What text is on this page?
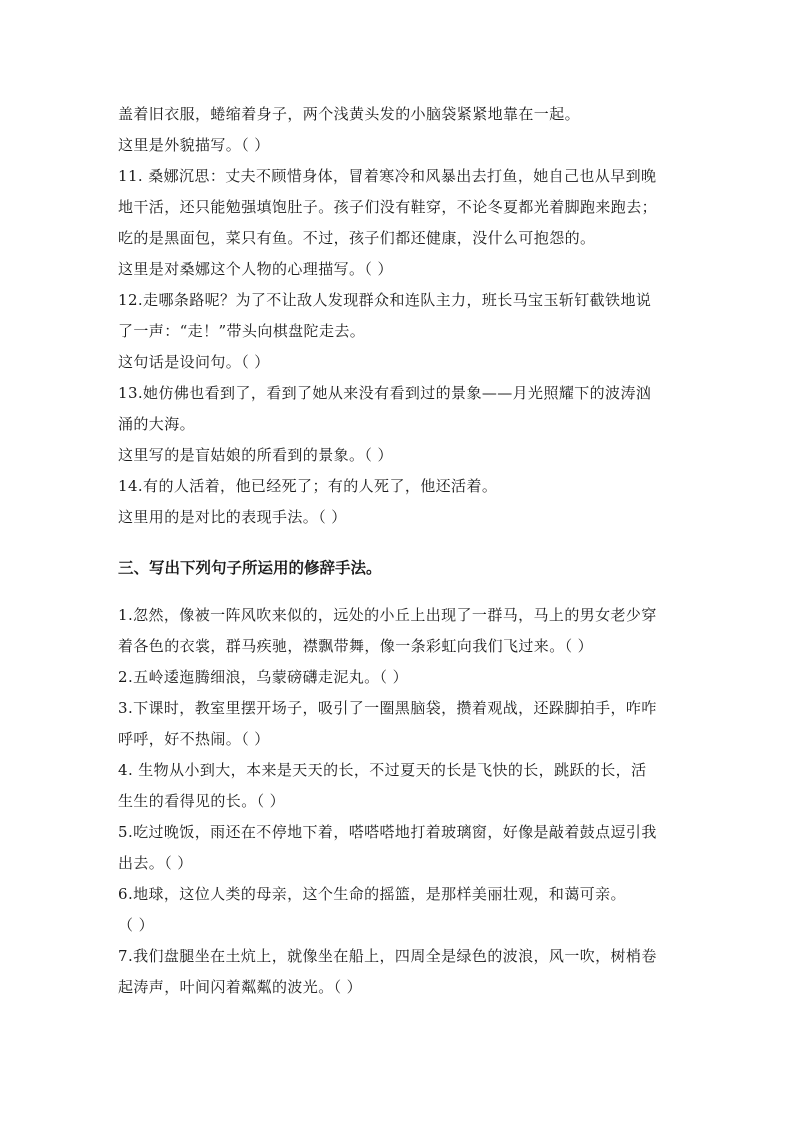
盖着旧衣服，蜷缩着身子，两个浅黄头发的小脑袋紧紧地靠在一起。
这里是外貌描写。（ ）
11. 桑娜沉思：丈夫不顾惜身体，冒着寒冷和风暴出去打鱼，她自己也从早到晚
地干活，还只能勉强填饱肚子。孩子们没有鞋穿，不论冬夏都光着脚跑来跑去；
吃的是黑面包，菜只有鱼。不过，孩子们都还健康，没什么可抱怨的。
这里是对桑娜这个人物的心理描写。（ ）
12.走哪条路呢？为了不让敌人发现群众和连队主力，班长马宝玉斩钉截铁地说
了一声：“走！”带头向棋盘陀走去。
这句话是设问句。（ ）
13.她仿佛也看到了，看到了她从来没有看到过的景象——月光照耀下的波涛汹
涌的大海。
这里写的是盲姑娘的所看到的景象。（ ）
14.有的人活着，他已经死了；有的人死了，他还活着。
这里用的是对比的表现手法。（ ）
三、写出下列句子所运用的修辞手法。
1.忽然，像被一阵风吹来似的，远处的小丘上出现了一群马，马上的男女老少穿
着各色的衣裳，群马疾驰，襟飘带舞，像一条彩虹向我们飞过来。（ ）
2.五岭逶迤腾细浪，乌蒙磅礴走泥丸。（ ）
3.下课时，教室里摆开场子，吸引了一圈黑脑袋，攒着观战，还跺脚拍手，咋咋
呼呼，好不热闹。（ ）
4. 生物从小到大，本来是天天的长，不过夏天的长是飞快的长，跳跃的长，活
生生的看得见的长。（ ）
5.吃过晚饭，雨还在不停地下着，嗒嗒嗒地打着玻璃窗，好像是敲着鼓点逗引我
出去。（ ）
6.地球，这位人类的母亲，这个生命的摇篮，是那样美丽壮观，和蔼可亲。
（ ）
7.我们盘腿坐在土炕上，就像坐在船上，四周全是绿色的波浪，风一吹，树梢卷
起涛声，叶间闪着粼粼的波光。（ ）
